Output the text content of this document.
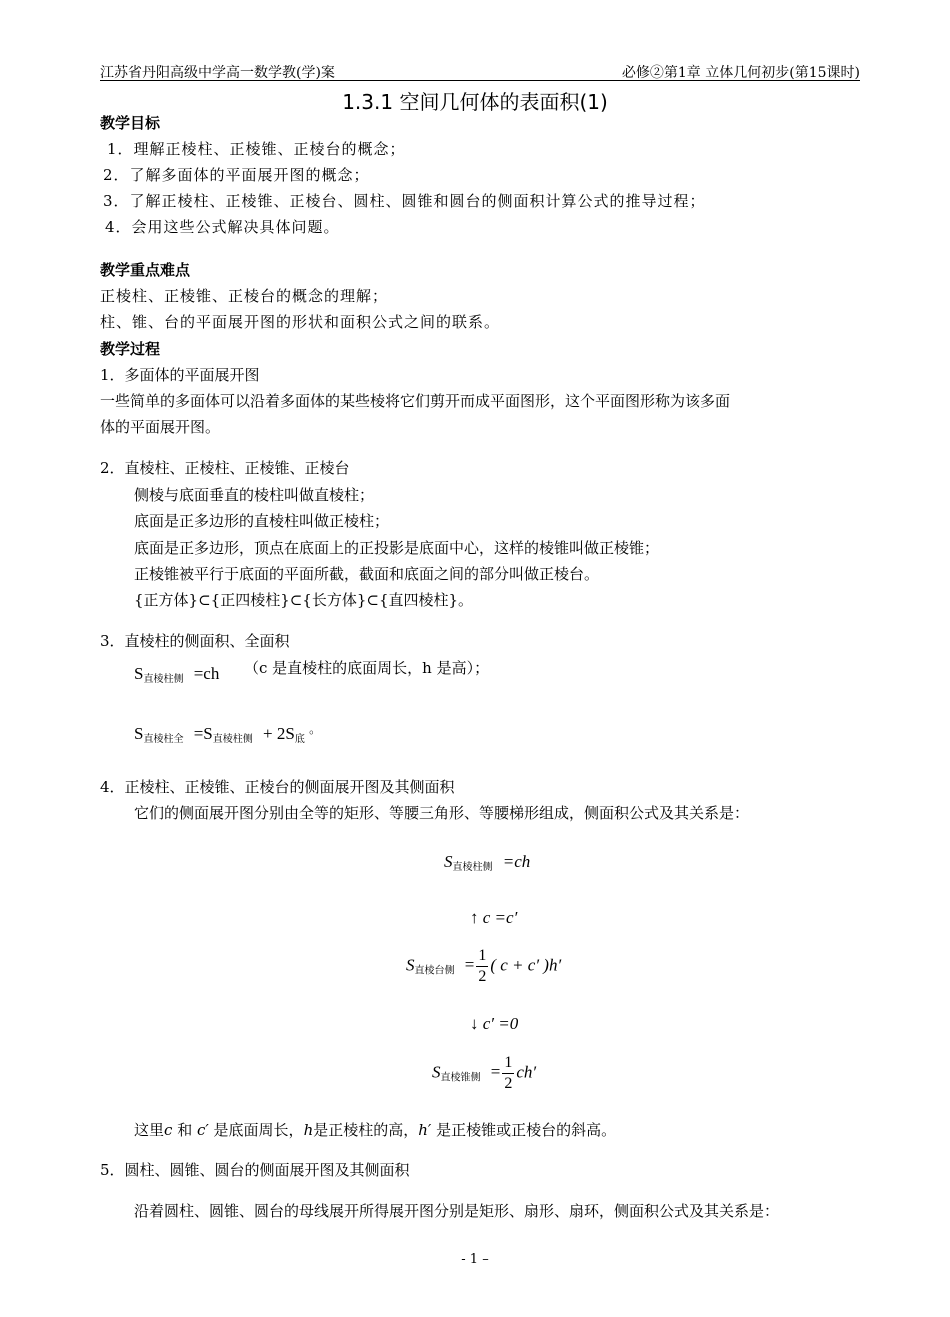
江苏省丹阳高级中学高一数学教(学)案	必修②第1章 立体几何初步(第15课时)
1.3.1 空间几何体的表面积(1)
教学目标
1．理解正棱柱、正棱锥、正棱台的概念；
2．了解多面体的平面展开图的概念；
3．了解正棱柱、正棱锥、正棱台、圆柱、圆锥和圆台的侧面积计算公式的推导过程；
4．会用这些公式解决具体问题。
教学重点难点
正棱柱、正棱锥、正棱台的概念的理解；
柱、锥、台的平面展开图的形状和面积公式之间的联系。
教学过程
1．多面体的平面展开图
一些简单的多面体可以沿着多面体的某些棱将它们剪开而成平面图形，这个平面图形称为该多面
体的平面展开图。
2．直棱柱、正棱柱、正棱锥、正棱台
侧棱与底面垂直的棱柱叫做直棱柱；
底面是正多边形的直棱柱叫做正棱柱；
底面是正多边形，顶点在底面上的正投影是底面中心，这样的棱锥叫做正棱锥；
正棱锥被平行于底面的平面所截，截面和底面之间的部分叫做正棱台。
{正方体}⊂{正四棱柱}⊂{长方体}⊂{直四棱柱}。
3．直棱柱的侧面积、全面积
$S_{直棱柱侧} =ch$ （c 是直棱柱的底面周长，h 是高）；
$S_{直棱柱全} =S_{直棱柱侧} + 2S_底$ 。
4．正棱柱、正棱锥、正棱台的侧面展开图及其侧面积
它们的侧面展开图分别由全等的矩形、等腰三角形、等腰梯形组成，侧面积公式及其关系是：
$S_{直棱柱侧} =ch$
↑ c =c′
$S_{直棱台侧} = \frac{1}{2}$ ( c + c′ )h′
↓ c′ =0
$S_{直棱锥侧} = \frac{1}{2} ch'$
这里c 和 c′ 是底面周长，h是正棱柱的高，h′ 是正棱锥或正棱台的斜高。
5．圆柱、圆锥、圆台的侧面展开图及其侧面积
沿着圆柱、圆锥、圆台的母线展开所得展开图分别是矩形、扇形、扇环，侧面积公式及其关系是：
- 1 –
